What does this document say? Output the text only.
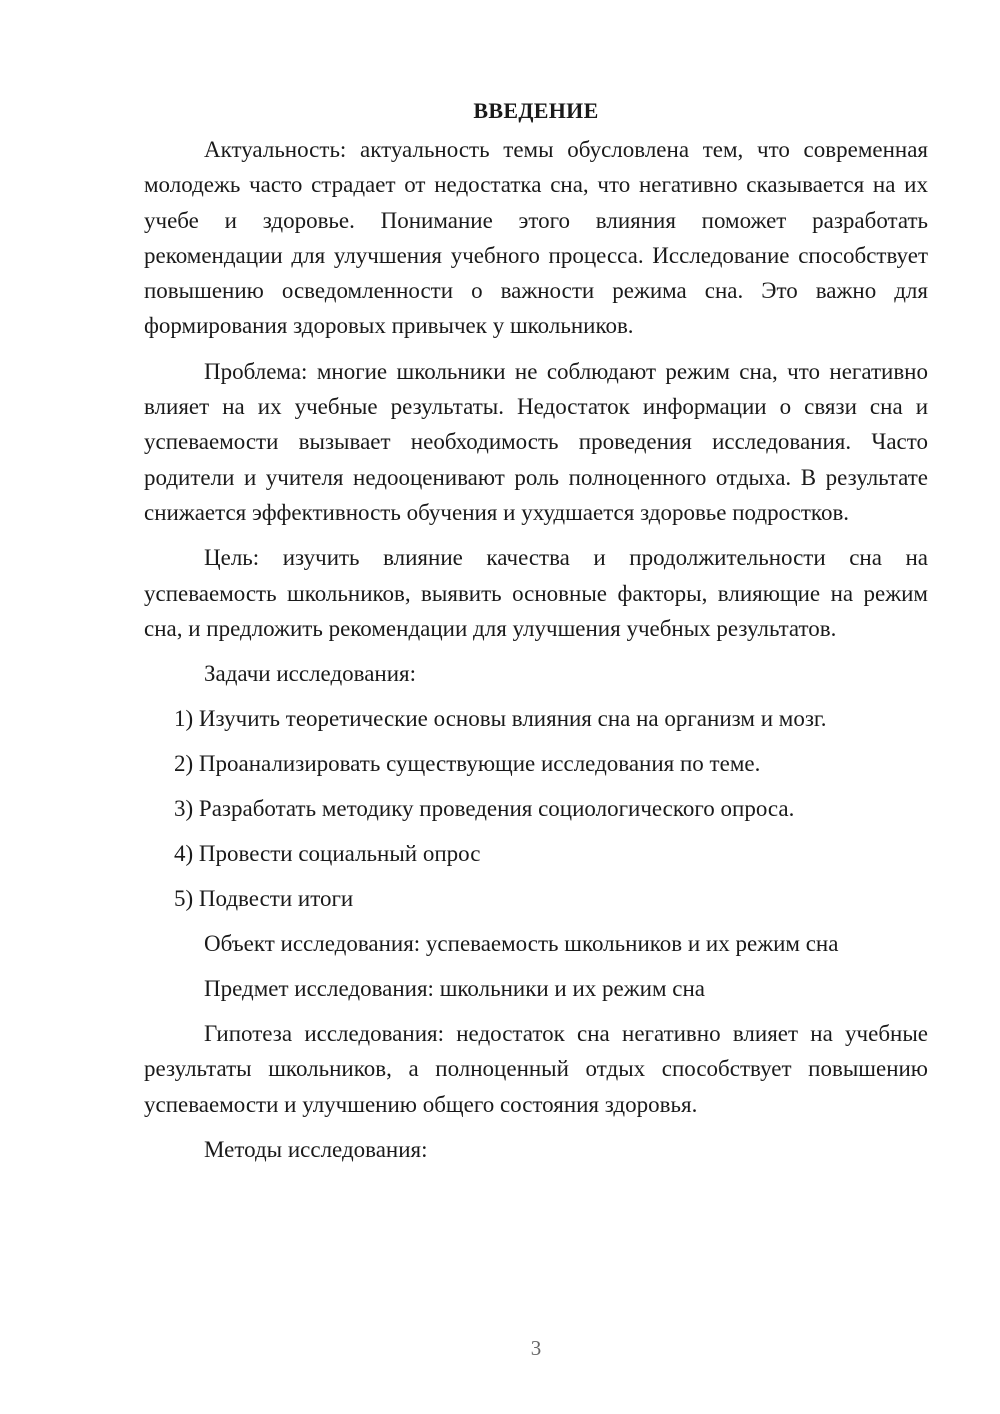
ВВЕДЕНИЕ

Актуальность: актуальность темы обусловлена тем, что современная молодежь часто страдает от недостатка сна, что негативно сказывается на их учебе и здоровье. Понимание этого влияния поможет разработать рекомендации для улучшения учебного процесса. Исследование способствует повышению осведомленности о важности режима сна. Это важно для формирования здоровых привычек у школьников.

Проблема: многие школьники не соблюдают режим сна, что негативно влияет на их учебные результаты. Недостаток информации о связи сна и успеваемости вызывает необходимость проведения исследования. Часто родители и учителя недооценивают роль полноценного отдыха. В результате снижается эффективность обучения и ухудшается здоровье подростков.

Цель: изучить влияние качества и продолжительности сна на успеваемость школьников, выявить основные факторы, влияющие на режим сна, и предложить рекомендации для улучшения учебных результатов.

Задачи исследования:
1) Изучить теоретические основы влияния сна на организм и мозг.
2) Проанализировать существующие исследования по теме.
3) Разработать методику проведения социологического опроса.
4) Провести социальный опрос
5) Подвести итоги
Объект исследования: успеваемость школьников и их режим сна
Предмет исследования: школьники и их режим сна

Гипотеза исследования: недостаток сна негативно влияет на учебные результаты школьников, а полноценный отдых способствует повышению успеваемости и улучшению общего состояния здоровья.

Методы исследования:
3
